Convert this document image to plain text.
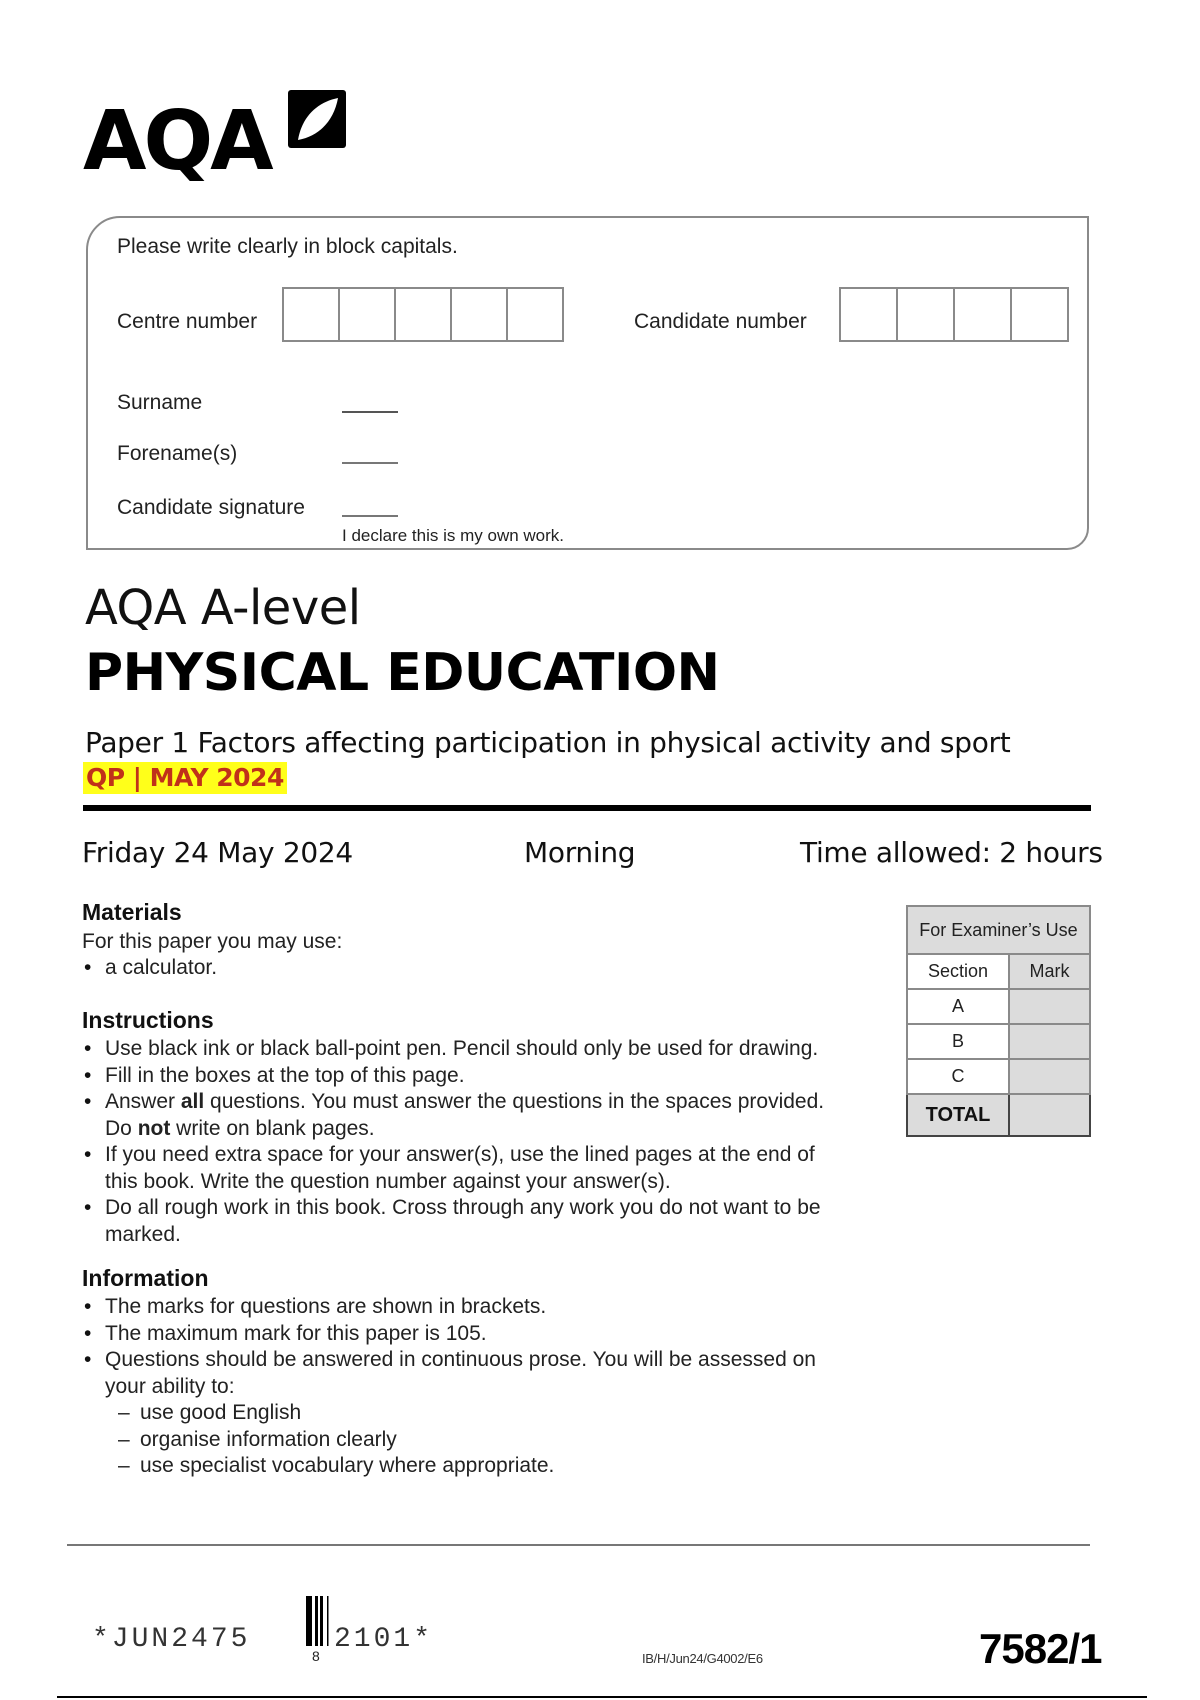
AQA
Please write clearly in block capitals.
Centre number	Candidate number
Surname
Forename(s)
Candidate signature
I declare this is my own work.
AQA A-level
PHYSICAL EDUCATION
Paper 1 Factors affecting participation in physical activity and sport
QP | MAY 2024
Friday 24 May 2024	Morning	Time allowed: 2 hours
Materials
For this paper you may use:
• a calculator.
Instructions
• Use black ink or black ball-point pen. Pencil should only be used for drawing.
• Fill in the boxes at the top of this page.
• Answer all questions. You must answer the questions in the spaces provided.
Do not write on blank pages.
• If you need extra space for your answer(s), use the lined pages at the end of this book. Write the question number against your answer(s).
• Do all rough work in this book. Cross through any work you do not want to be marked.
Information
• The marks for questions are shown in brackets.
• The maximum mark for this paper is 105.
• Questions should be answered in continuous prose. You will be assessed on your ability to:
– use good English
– organise information clearly
– use specialist vocabulary where appropriate.
For Examiner’s Use	
Section	Mark
A	
B	
C	
TOTAL	
*JUN2475
8
2101*
IB/H/Jun24/G4002/E6	7582/1
